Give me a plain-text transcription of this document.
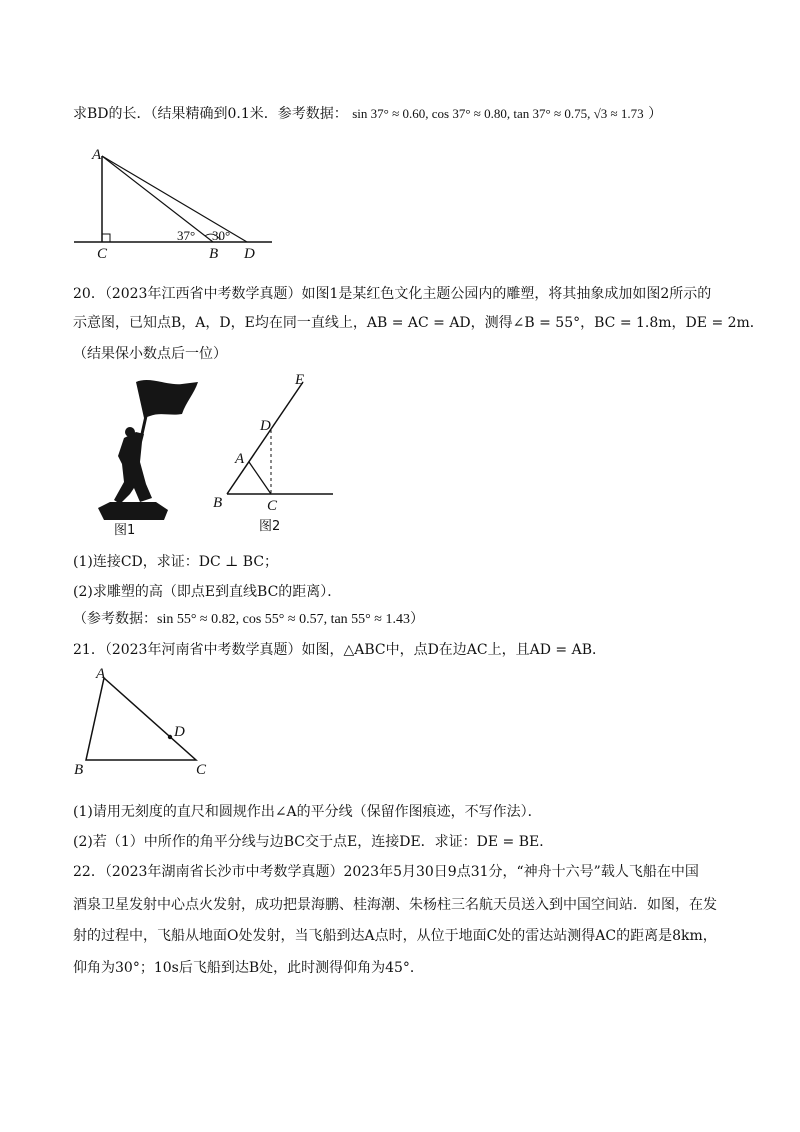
求BD的长．（结果精确到0.1米．参考数据： sin 37° ≈ 0.60, cos 37° ≈ 0.80, tan 37° ≈ 0.75, √3 ≈ 1.73 ）
A
C	B D
37° 30°
20．（2023年江西省中考数学真题）如图1是某红色文化主题公园内的雕塑，将其抽象成加如图2所示的
示意图，已知点B，A，D，E均在同一直线上，AB = AC = AD，测得∠B = 55°，BC = 1.8m，DE = 2m．
（结果保小数点后一位）
图1
E
D
A
B	C
图2
(1)连接CD，求证：DC ⊥ BC；
(2)求雕塑的高（即点E到直线BC的距离）．
（参考数据：sin 55° ≈ 0.82, cos 55° ≈ 0.57, tan 55° ≈ 1.43）
21．（2023年河南省中考数学真题）如图，△ABC中，点D在边AC上，且AD = AB．
A
D
B	C
(1)请用无刻度的直尺和圆规作出∠A的平分线（保留作图痕迹，不写作法）．
(2)若（1）中所作的角平分线与边BC交于点E，连接DE．求证：DE = BE．
22．（2023年湖南省长沙市中考数学真题）2023年5月30日9点31分，“神舟十六号”载人飞船在中国
酒泉卫星发射中心点火发射，成功把景海鹏、桂海潮、朱杨柱三名航天员送入到中国空间站．如图，在发
射的过程中，飞船从地面O处发射，当飞船到达A点时，从位于地面C处的雷达站测得AC的距离是8km，
仰角为30°；10s后飞船到达B处，此时测得仰角为45°．
